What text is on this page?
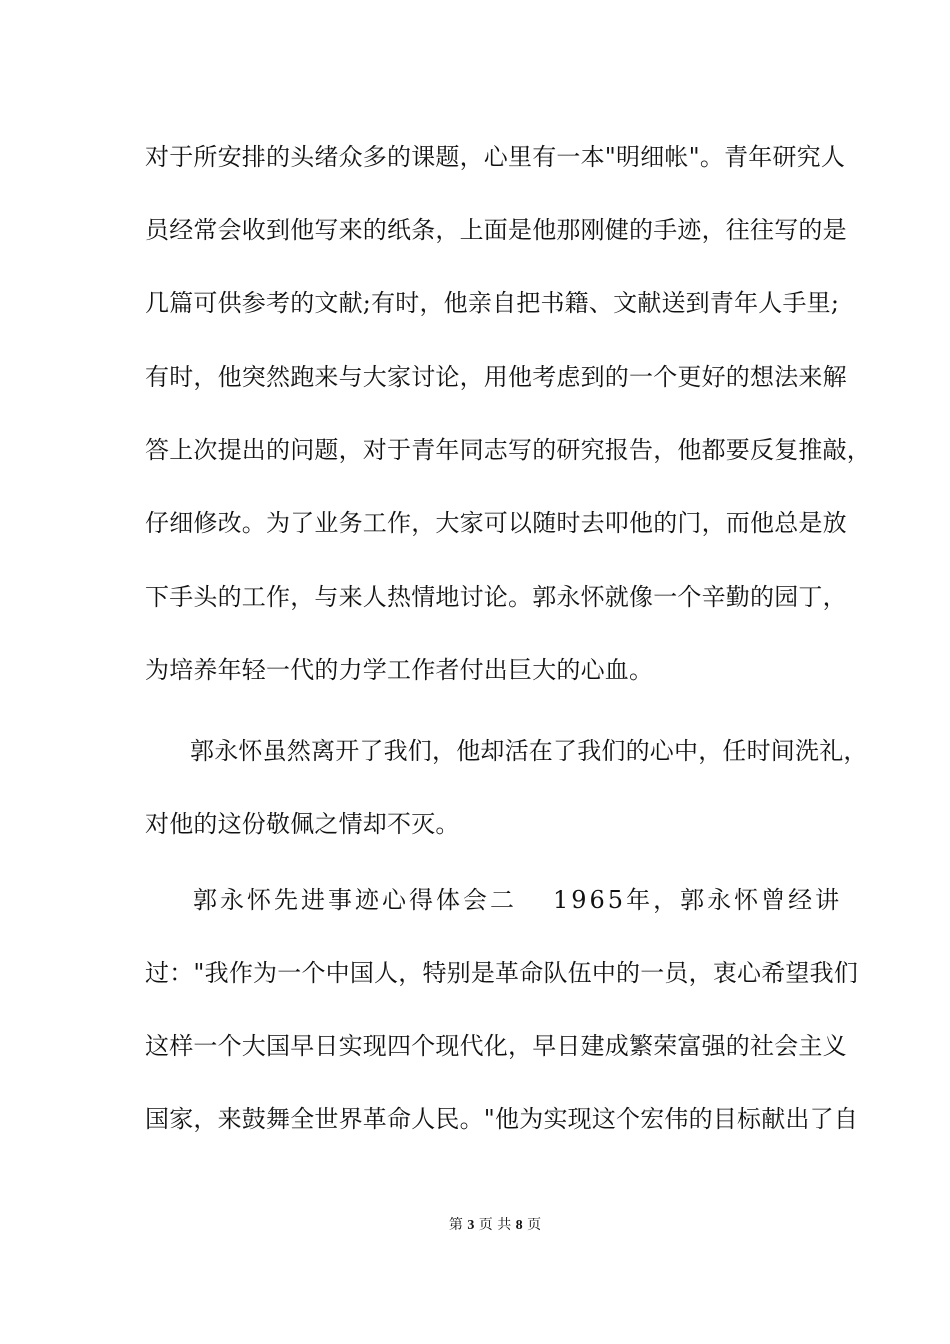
对于所安排的头绪众多的课题，心里有一本"明细帐"。青年研究人
员经常会收到他写来的纸条，上面是他那刚健的手迹，往往写的是
几篇可供参考的文献;有时，他亲自把书籍、文献送到青年人手里;
有时，他突然跑来与大家讨论，用他考虑到的一个更好的想法来解
答上次提出的问题，对于青年同志写的研究报告，他都要反复推敲，
仔细修改。为了业务工作，大家可以随时去叩他的门，而他总是放
下手头的工作，与来人热情地讨论。郭永怀就像一个辛勤的园丁，
为培养年轻一代的力学工作者付出巨大的心血。
郭永怀虽然离开了我们，他却活在了我们的心中，任时间洗礼，
对他的这份敬佩之情却不灭。
郭永怀先进事迹心得体会二 1965年，郭永怀曾经讲
过："我作为一个中国人，特别是革命队伍中的一员，衷心希望我们
这样一个大国早日实现四个现代化，早日建成繁荣富强的社会主义
国家，来鼓舞全世界革命人民。"他为实现这个宏伟的目标献出了自
第 3 页 共 8 页
